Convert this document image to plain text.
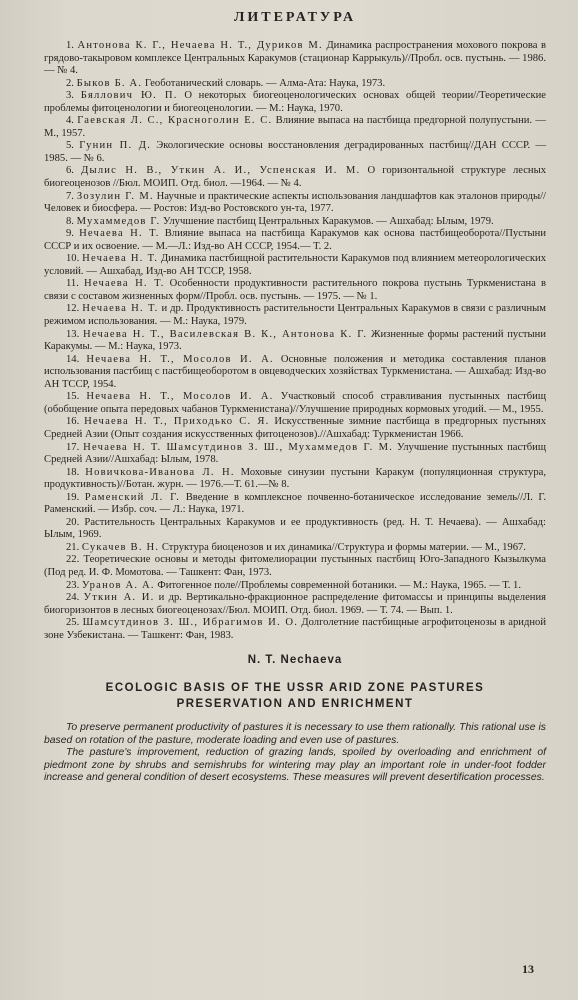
ЛИТЕРАТУРА
1. Антонова К. Г., Нечаева Н. Т., Дуриков М. Динамика распространения мохового покрова в грядово-такыровом комплексе Центральных Каракумов (стационар Каррыкуль)//Пробл. осв. пустынь. — 1986. — № 4.
2. Быков Б. А. Геоботанический словарь. — Алма-Ата: Наука, 1973.
3. Бяллович Ю. П. О некоторых биогеоценологических основах общей теории//Теоретические проблемы фитоценологии и биогеоценологии. — М.: Наука, 1970.
4. Гаевская Л. С., Красноголин Е. С. Влияние выпаса на пастбища предгорной полупустыни. — М., 1957.
5. Гунин П. Д. Экологические основы восстановления деградированных пастбищ//ДАН СССР. — 1985. — № 6.
6. Дылис Н. В., Уткин А. И., Успенская И. М. О горизонтальной структуре лесных биогеоценозов //Бюл. МОИП. Отд. биол. —1964. — № 4.
7. Зозулин Г. М. Научные и практические аспекты использования ландшафтов как эталонов природы//Человек и биосфера. — Ростов: Изд-во Ростовского ун-та, 1977.
8. Мухаммедов Г. Улучшение пастбищ Центральных Каракумов. — Ашхабад: Ылым, 1979.
9. Нечаева Н. Т. Влияние выпаса на пастбища Каракумов как основа пастбищеоборота//Пустыни СССР и их освоение. — М.—Л.: Изд-во АН СССР, 1954.— Т. 2.
10. Нечаева Н. Т. Динамика пастбищной растительности Каракумов под влиянием метеорологических условий. — Ашхабад, Изд-во АН ТССР, 1958.
11. Нечаева Н. Т. Особенности продуктивности растительного покрова пустынь Туркменистана в связи с составом жизненных форм//Пробл. осв. пустынь. — 1975. — № 1.
12. Нечаева Н. Т. и др. Продуктивность растительности Центральных Каракумов в связи с различным режимом использования. — М.: Наука, 1979.
13. Нечаева Н. Т., Василевская В. К., Антонова К. Г. Жизненные формы растений пустыни Каракумы. — М.: Наука, 1973.
14. Нечаева Н. Т., Мосолов И. А. Основные положения и методика составления планов использования пастбищ с пастбищеоборотом в овцеводческих хозяйствах Туркменистана. — Ашхабад: Изд-во АН ТССР, 1954.
15. Нечаева Н. Т., Мосолов И. А. Участковый способ стравливания пустынных пастбищ (обобщение опыта передовых чабанов Туркменистана)//Улучшение природных кормовых угодий. — М., 1955.
16. Нечаева Н. Т., Приходько С. Я. Искусственные зимние пастбища в предгорных пустынях Средней Азии (Опыт создания искусственных фитоценозов).//Ашхабад: Туркменистан 1966.
17. Нечаева Н. Т. Шамсутдинов З. Ш., Мухаммедов Г. М. Улучшение пустынных пастбищ Средней Азии//Ашхабад: Ылым, 1978.
18. Новичкова-Иванова Л. Н. Моховые синузии пустыни Каракум (популяционная структура, продуктивность)//Ботан. журн. — 1976.—Т. 61.—№ 8.
19. Раменский Л. Г. Введение в комплексное почвенно-ботаническое исследование земель//Л. Г. Раменский. — Избр. соч. — Л.: Наука, 1971.
20. Растительность Центральных Каракумов и ее продуктивность (ред. Н. Т. Нечаева). — Ашхабад: Ылым, 1969.
21. Сукачев В. Н. Структура биоценозов и их динамика//Структура и формы материи. — М., 1967.
22. Теоретические основы и методы фитомелиорации пустынных пастбищ Юго-Западного Кызылкума (Под ред. И. Ф. Момотова. — Ташкент: Фан, 1973.
23. Уранов А. А. Фитогенное поле//Проблемы современной ботаники. — М.: Наука, 1965. — Т. 1.
24. Уткин А. И. и др. Вертикально-фракционное распределение фитомассы и принципы выделения биогоризонтов в лесных биогеоценозах//Бюл. МОИП. Отд. биол. 1969. — Т. 74. — Вып. 1.
25. Шамсутдинов З. Ш., Ибрагимов И. О. Долголетние пастбищные агрофитоценозы в аридной зоне Узбекистана. — Ташкент: Фан, 1983.
N. T. Nechaeva
ECOLOGIC BASIS OF THE USSR ARID ZONE PASTURES
PRESERVATION AND ENRICHMENT

To preserve permanent productivity of pastures it is necessary to use them rationally. This rational use is based on rotation of the pasture, moderate loading and even use of pastures.

The pasture's improvement, reduction of grazing lands, spoiled by overloading and enrichment of piedmont zone by shrubs and semishrubs for wintering may play an important role in under-foot fodder increase and general condition of desert ecosystems. These measures will prevent desertification processes.

13
